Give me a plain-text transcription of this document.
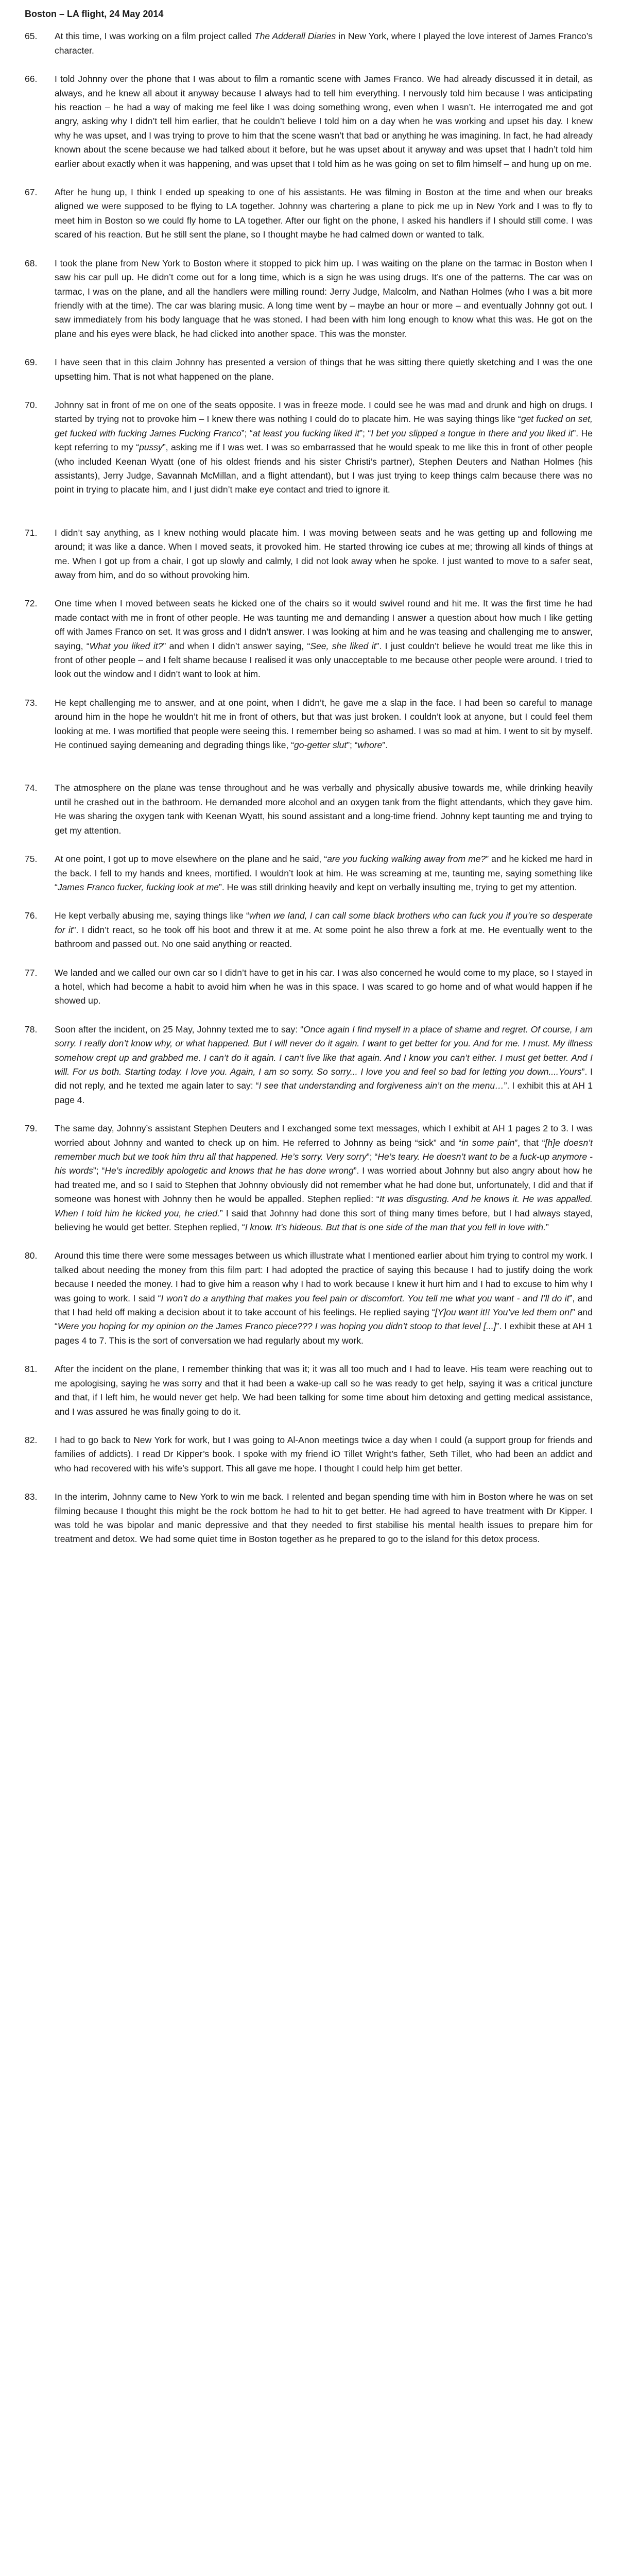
Boston – LA flight, 24 May 2014
65.	At this time, I was working on a film project called The Adderall Diaries in New York, where I played the love interest of James Franco’s character.
66.	I told Johnny over the phone that I was about to film a romantic scene with James Franco. We had already discussed it in detail, as always, and he knew all about it anyway because I always had to tell him everything. I nervously told him because I was anticipating his reaction – he had a way of making me feel like I was doing something wrong, even when I wasn’t. He interrogated me and got angry, asking why I didn’t tell him earlier, that he couldn’t believe I told him on a day when he was working and upset his day. I knew why he was upset, and I was trying to prove to him that the scene wasn’t that bad or anything he was imagining. In fact, he had already known about the scene because we had talked about it before, but he was upset about it anyway and was upset that I hadn’t told him earlier about exactly when it was happening, and was upset that I told him as he was going on set to film himself – and hung up on me.
67.	After he hung up, I think I ended up speaking to one of his assistants. He was filming in Boston at the time and when our breaks aligned we were supposed to be flying to LA together. Johnny was chartering a plane to pick me up in New York and I was to fly to meet him in Boston so we could fly home to LA together. After our fight on the phone, I asked his handlers if I should still come. I was scared of his reaction. But he still sent the plane, so I thought maybe he had calmed down or wanted to talk.
68.	I took the plane from New York to Boston where it stopped to pick him up. I was waiting on the plane on the tarmac in Boston when I saw his car pull up. He didn’t come out for a long time, which is a sign he was using drugs. It’s one of the patterns. The car was on tarmac, I was on the plane, and all the handlers were milling round: Jerry Judge, Malcolm, and Nathan Holmes (who I was a bit more friendly with at the time). The car was blaring music. A long time went by – maybe an hour or more – and eventually Johnny got out. I saw immediately from his body language that he was stoned. I had been with him long enough to know what this was. He got on the plane and his eyes were black, he had clicked into another space. This was the monster.
69.	I have seen that in this claim Johnny has presented a version of things that he was sitting there quietly sketching and I was the one upsetting him. That is not what happened on the plane.
70.	Johnny sat in front of me on one of the seats opposite. I was in freeze mode. I could see he was mad and drunk and high on drugs. I started by trying not to provoke him – I knew there was nothing I could do to placate him. He was saying things like “get fucked on set, get fucked with fucking James Fucking Franco”; “at least you fucking liked it”; “I bet you slipped a tongue in there and you liked it”. He kept referring to my “pussy”, asking me if I was wet. I was so embarrassed that he would speak to me like this in front of other people (who included Keenan Wyatt (one of his oldest friends and his sister Christi’s partner), Stephen Deuters and Nathan Holmes (his assistants), Jerry Judge, Savannah McMillan, and a flight attendant), but I was just trying to keep things calm because there was no point in trying to placate him, and I just didn’t make eye contact and tried to ignore it.
71.	I didn’t say anything, as I knew nothing would placate him. I was moving between seats and he was getting up and following me around; it was like a dance. When I moved seats, it provoked him. He started throwing ice cubes at me; throwing all kinds of things at me. When I got up from a chair, I got up slowly and calmly, I did not look away when he spoke. I just wanted to move to a safer seat, away from him, and do so without provoking him.
72.	One time when I moved between seats he kicked one of the chairs so it would swivel round and hit me. It was the first time he had made contact with me in front of other people. He was taunting me and demanding I answer a question about how much I like getting off with James Franco on set. It was gross and I didn’t answer. I was looking at him and he was teasing and challenging me to answer, saying, “What you liked it?” and when I didn’t answer saying, “See, she liked it”. I just couldn’t believe he would treat me like this in front of other people – and I felt shame because I realised it was only unacceptable to me because other people were around. I tried to look out the window and I didn’t want to look at him.
73.	He kept challenging me to answer, and at one point, when I didn’t, he gave me a slap in the face. I had been so careful to manage around him in the hope he wouldn’t hit me in front of others, but that was just broken. I couldn’t look at anyone, but I could feel them looking at me. I was mortified that people were seeing this. I remember being so ashamed. I was so mad at him. I went to sit by myself. He continued saying demeaning and degrading things like, “go-getter slut”; “whore”.
74.	The atmosphere on the plane was tense throughout and he was verbally and physically abusive towards me, while drinking heavily until he crashed out in the bathroom. He demanded more alcohol and an oxygen tank from the flight attendants, which they gave him. He was sharing the oxygen tank with Keenan Wyatt, his sound assistant and a long-time friend. Johnny kept taunting me and trying to get my attention.
75.	At one point, I got up to move elsewhere on the plane and he said, “are you fucking walking away from me?” and he kicked me hard in the back. I fell to my hands and knees, mortified. I wouldn’t look at him. He was screaming at me, taunting me, saying something like “James Franco fucker, fucking look at me”. He was still drinking heavily and kept on verbally insulting me, trying to get my attention.
76.	He kept verbally abusing me, saying things like “when we land, I can call some black brothers who can fuck you if you’re so desperate for it”. I didn’t react, so he took off his boot and threw it at me. At some point he also threw a fork at me. He eventually went to the bathroom and passed out. No one said anything or reacted.
77.	We landed and we called our own car so I didn’t have to get in his car. I was also concerned he would come to my place, so I stayed in a hotel, which had become a habit to avoid him when he was in this space. I was scared to go home and of what would happen if he showed up.
78.	Soon after the incident, on 25 May, Johnny texted me to say: “Once again I find myself in a place of shame and regret. Of course, I am sorry. I really don’t know why, or what happened. But I will never do it again. I want to get better for you. And for me. I must. My illness somehow crept up and grabbed me. I can’t do it again. I can’t live like that again. And I know you can’t either. I must get better. And I will. For us both. Starting today. I love you. Again, I am so sorry. So sorry... I love you and feel so bad for letting you down....Yours”. I did not reply, and he texted me again later to say: “I see that understanding and forgiveness ain’t on the menu…”. I exhibit this at AH 1 page 4.
79.	The same day, Johnny’s assistant Stephen Deuters and I exchanged some text messages, which I exhibit at AH 1 pages 2 to 3. I was worried about Johnny and wanted to check up on him. He referred to Johnny as being “sick” and “in some pain”, that “[h]e doesn’t remember much but we took him thru all that happened. He’s sorry. Very sorry”; “He’s teary. He doesn’t want to be a fuck-up anymore - his words”; “He’s incredibly apologetic and knows that he has done wrong”. I was worried about Johnny but also angry about how he had treated me, and so I said to Stephen that Johnny obviously did not remember what he had done but, unfortunately, I did and that if someone was honest with Johnny then he would be appalled. Stephen replied: “It was disgusting. And he knows it. He was appalled. When I told him he kicked you, he cried.” I said that Johnny had done this sort of thing many times before, but I had always stayed, believing he would get better. Stephen replied, “I know. It’s hideous. But that is one side of the man that you fell in love with.”
80.	Around this time there were some messages between us which illustrate what I mentioned earlier about him trying to control my work. I talked about needing the money from this film part: I had adopted the practice of saying this because I had to justify doing the work because I needed the money. I had to give him a reason why I had to work because I knew it hurt him and I had to excuse to him why I was going to work. I said “I won’t do a anything that makes you feel pain or discomfort. You tell me what you want - and I’ll do it”, and that I had held off making a decision about it to take account of his feelings. He replied saying “[Y]ou want it!! You’ve led them on!” and “Were you hoping for my opinion on the James Franco piece??? I was hoping you didn’t stoop to that level [...]”. I exhibit these at AH 1 pages 4 to 7. This is the sort of conversation we had regularly about my work.
81.	After the incident on the plane, I remember thinking that was it; it was all too much and I had to leave. His team were reaching out to me apologising, saying he was sorry and that it had been a wake-up call so he was ready to get help, saying it was a critical juncture and that, if I left him, he would never get help. We had been talking for some time about him detoxing and getting medical assistance, and I was assured he was finally going to do it.
82.	I had to go back to New York for work, but I was going to Al-Anon meetings twice a day when I could (a support group for friends and families of addicts). I read Dr Kipper’s book. I spoke with my friend iO Tillet Wright’s father, Seth Tillet, who had been an addict and who had recovered with his wife’s support. This all gave me hope. I thought I could help him get better.
83.	In the interim, Johnny came to New York to win me back. I relented and began spending time with him in Boston where he was on set filming because I thought this might be the rock bottom he had to hit to get better. He had agreed to have treatment with Dr Kipper. I was told he was bipolar and manic depressive and that they needed to first stabilise his mental health issues to prepare him for treatment and detox. We had some quiet time in Boston together as he prepared to go to the island for this detox process.
